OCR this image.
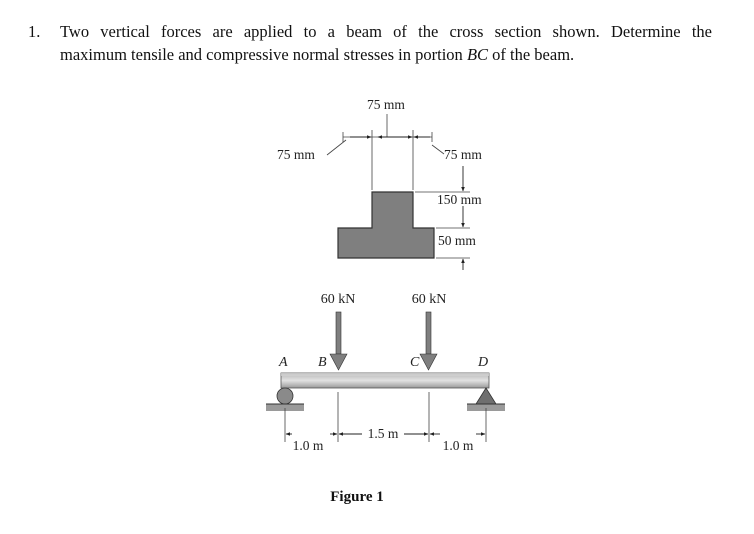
1. Two vertical forces are applied to a beam of the cross section shown. Determine the
maximum tensile and compressive normal stresses in portion BC of the beam.
75 mm
75 mm	75 mm
150 mm
50 mm
60 kN	60 kN
A B	C	D
1.5 m
1.0 m	1.0 m
Figure 1
